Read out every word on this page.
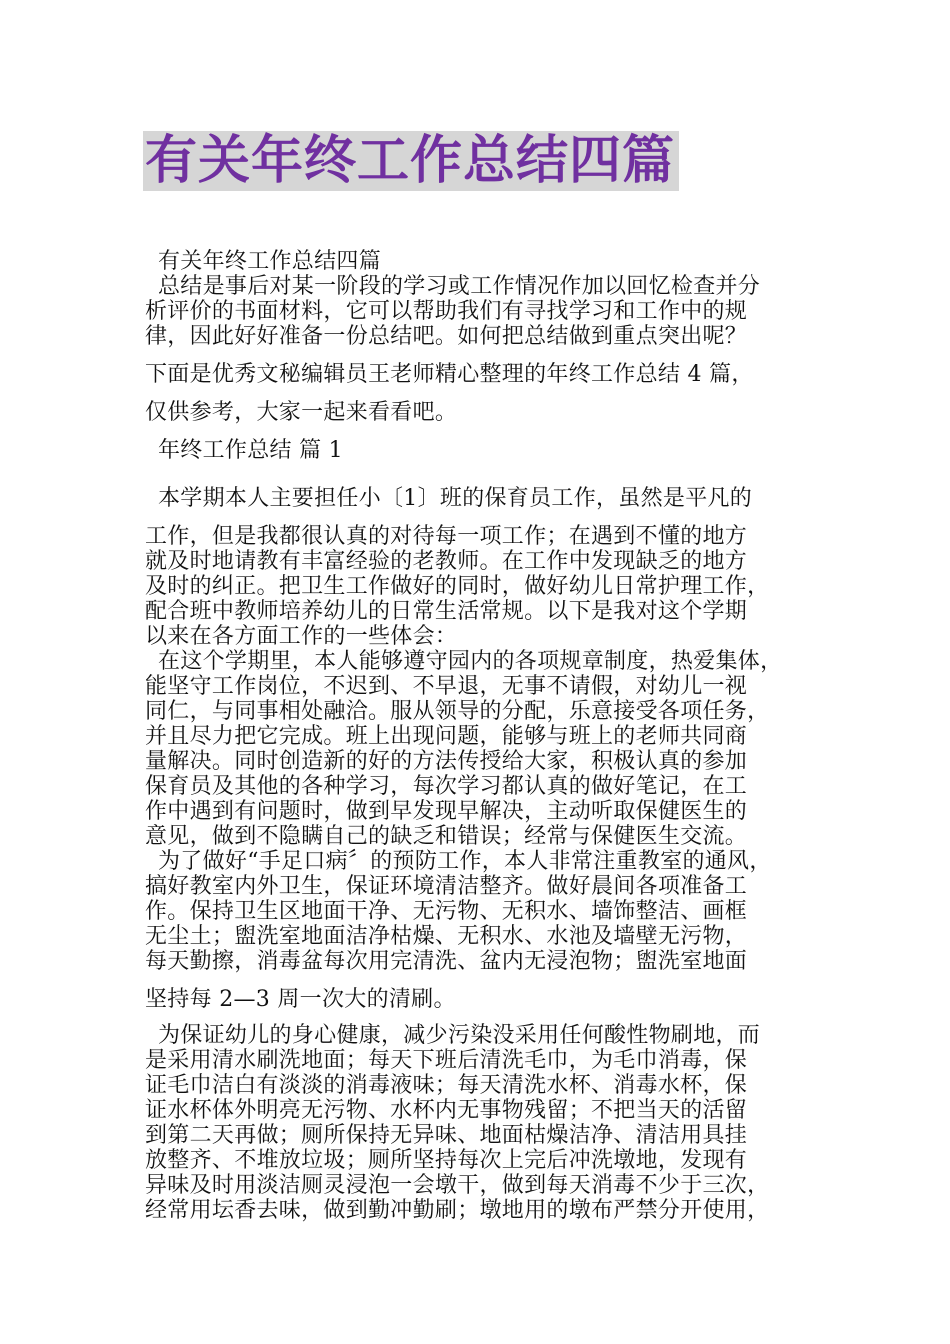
有关年终工作总结四篇
有关年终工作总结四篇
总结是事后对某一阶段的学习或工作情况作加以回忆检查并分
析评价的书面材料，它可以帮助我们有寻找学习和工作中的规
律，因此好好准备一份总结吧。如何把总结做到重点突出呢？
下面是优秀文秘编辑员王老师精心整理的年终工作总结 4 篇，
仅供参考，大家一起来看看吧。
年终工作总结 篇 1
本学期本人主要担任小〔1〕班的保育员工作，虽然是平凡的
工作，但是我都很认真的对待每一项工作；在遇到不懂的地方
就及时地请教有丰富经验的老教师。在工作中发现缺乏的地方
及时的纠正。把卫生工作做好的同时，做好幼儿日常护理工作，
配合班中教师培养幼儿的日常生活常规。以下是我对这个学期
以来在各方面工作的一些体会：
在这个学期里，本人能够遵守园内的各项规章制度，热爱集体，
能坚守工作岗位，不迟到、不早退，无事不请假，对幼儿一视
同仁，与同事相处融洽。服从领导的分配，乐意接受各项任务，
并且尽力把它完成。班上出现问题，能够与班上的老师共同商
量解决。同时创造新的好的方法传授给大家，积极认真的参加
保育员及其他的各种学习，每次学习都认真的做好笔记，在工
作中遇到有问题时，做到早发现早解决，主动听取保健医生的
意见，做到不隐瞒自己的缺乏和错误；经常与保健医生交流。
为了做好“手足口病〞的预防工作，本人非常注重教室的通风，
搞好教室内外卫生，保证环境清洁整齐。做好晨间各项准备工
作。保持卫生区地面干净、无污物、无积水、墙饰整洁、画框
无尘土；盥洗室地面洁净枯燥、无积水、水池及墙壁无污物，
每天勤擦，消毒盆每次用完清洗、盆内无浸泡物；盥洗室地面
坚持每 2—3 周一次大的清刷。
为保证幼儿的身心健康，减少污染没采用任何酸性物刷地，而
是采用清水刷洗地面；每天下班后清洗毛巾，为毛巾消毒，保
证毛巾洁白有淡淡的消毒液味；每天清洗水杯、消毒水杯，保
证水杯体外明亮无污物、水杯内无事物残留；不把当天的活留
到第二天再做；厕所保持无异味、地面枯燥洁净、清洁用具挂
放整齐、不堆放垃圾；厕所坚持每次上完后冲洗墩地，发现有
异味及时用淡洁厕灵浸泡一会墩干，做到每天消毒不少于三次，
经常用坛香去味，做到勤冲勤刷；墩地用的墩布严禁分开使用，
